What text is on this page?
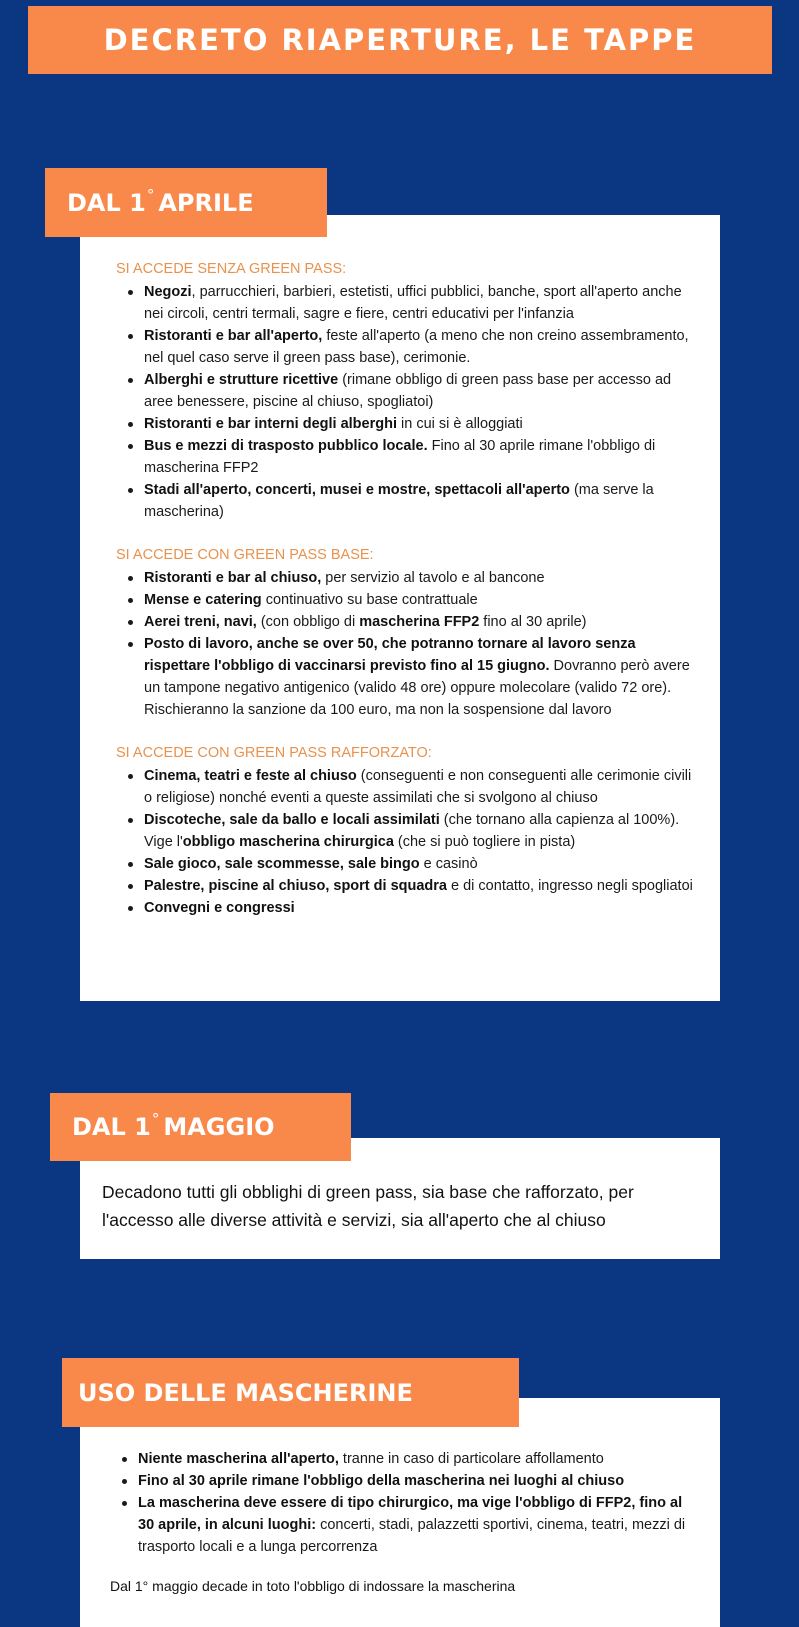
DECRETO RIAPERTURE, LE TAPPE
SI ACCEDE SENZA GREEN PASS:
Negozi, parrucchieri, barbieri, estetisti, uffici pubblici, banche, sport all'aperto anche nei circoli, centri termali, sagre e fiere, centri educativi per l'infanzia
Ristoranti e bar all'aperto, feste all'aperto (a meno che non creino assembramento, nel quel caso serve il green pass base), cerimonie.
Alberghi e strutture ricettive (rimane obbligo di green pass base per accesso ad aree benessere, piscine al chiuso, spogliatoi)
Ristoranti e bar interni degli alberghi in cui si è alloggiati
Bus e mezzi di trasposto pubblico locale. Fino al 30 aprile rimane l'obbligo di mascherina FFP2
Stadi all'aperto, concerti, musei e mostre, spettacoli all'aperto (ma serve la mascherina)
SI ACCEDE CON GREEN PASS BASE:
Ristoranti e bar al chiuso, per servizio al tavolo e al bancone
Mense e catering continuativo su base contrattuale
Aerei treni, navi, (con obbligo di mascherina FFP2 fino al 30 aprile)
Posto di lavoro, anche se over 50, che potranno tornare al lavoro senza rispettare l'obbligo di vaccinarsi previsto fino al 15 giugno. Dovranno però avere un tampone negativo antigenico (valido 48 ore) oppure molecolare (valido 72 ore). Rischieranno la sanzione da 100 euro, ma non la sospensione dal lavoro
SI ACCEDE CON GREEN PASS RAFFORZATO:
Cinema, teatri e feste al chiuso (conseguenti e non conseguenti alle cerimonie civili o religiose) nonché eventi a queste assimilati che si svolgono al chiuso
Discoteche, sale da ballo e locali assimilati (che tornano alla capienza al 100%). Vige l'obbligo mascherina chirurgica (che si può togliere in pista)
Sale gioco, sale scommesse, sale bingo e casinò
Palestre, piscine al chiuso, sport di squadra e di contatto, ingresso negli spogliatoi
Convegni e congressi
DAL 1 ° APRILE

Decadono tutti gli obblighi di green pass, sia base che rafforzato, per l'accesso alle diverse attività e servizi, sia all'aperto che al chiuso

DAL 1 ° MAGGIO
Niente mascherina all'aperto, tranne in caso di particolare affollamento
Fino al 30 aprile rimane l'obbligo della mascherina nei luoghi al chiuso
La mascherina deve essere di tipo chirurgico, ma vige l'obbligo di FFP2, fino al 30 aprile, in alcuni luoghi: concerti, stadi, palazzetti sportivi, cinema, teatri, mezzi di trasporto locali e a lunga percorrenza

Dal 1° maggio decade in toto l'obbligo di indossare la mascherina

USO DELLE MASCHERINE
